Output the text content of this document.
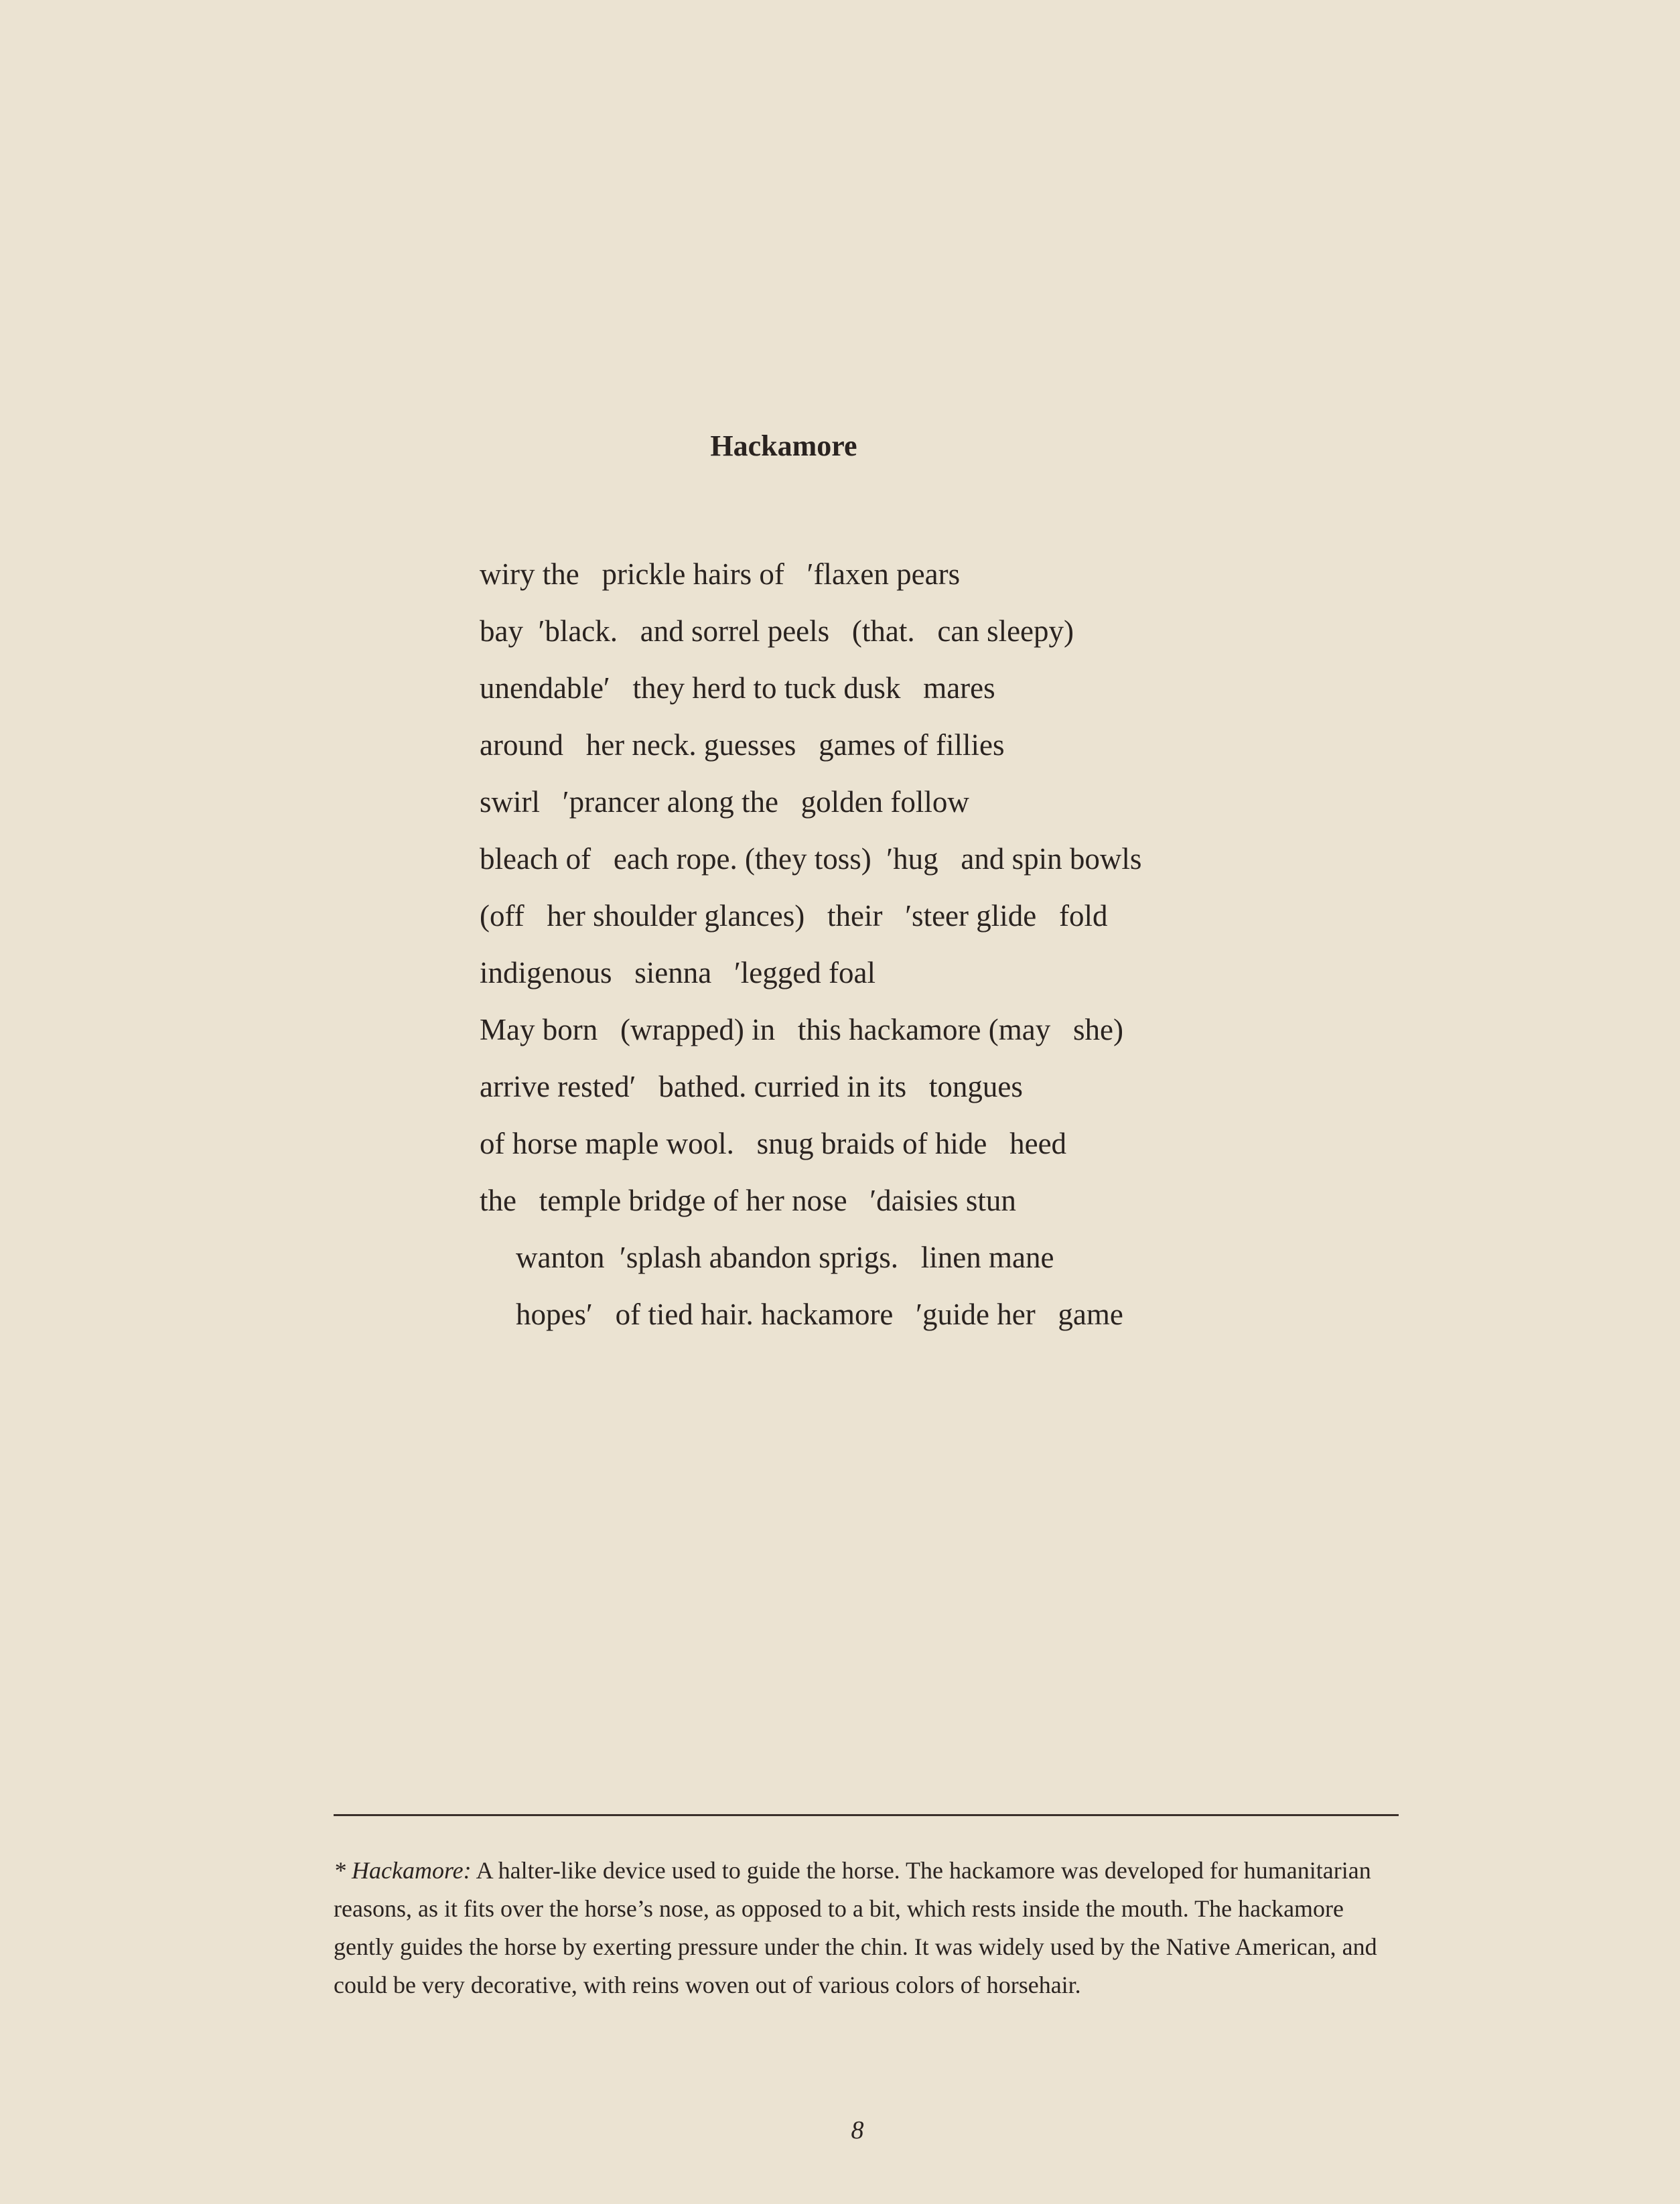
Hackamore
wiry the   prickle hairs of   ′flaxen pears
bay  ′black.   and sorrel peels   (that.   can sleepy)
unendable′   they herd to tuck dusk   mares
around   her neck. guesses   games of fillies
swirl   ′prancer along the   golden follow
bleach of   each rope. (they toss)  ′hug   and spin bowls
(off   her shoulder glances)   their   ′steer glide   fold
indigenous   sienna   ′legged foal
May born   (wrapped) in   this hackamore (may   she)
arrive rested′   bathed. curried in its   tongues
of horse maple wool.   snug braids of hide   heed
the   temple bridge of her nose   ′daisies stun
wanton  ′splash abandon sprigs.   linen mane
hopes′   of tied hair. hackamore   ′guide her   game
* Hackamore: A halter-like device used to guide the horse. The hackamore was developed for humanitarian reasons, as it fits over the horse’s nose, as opposed to a bit, which rests inside the mouth. The hackamore gently guides the horse by exerting pressure under the chin. It was widely used by the Native American, and could be very decorative, with reins woven out of various colors of horsehair.
8
